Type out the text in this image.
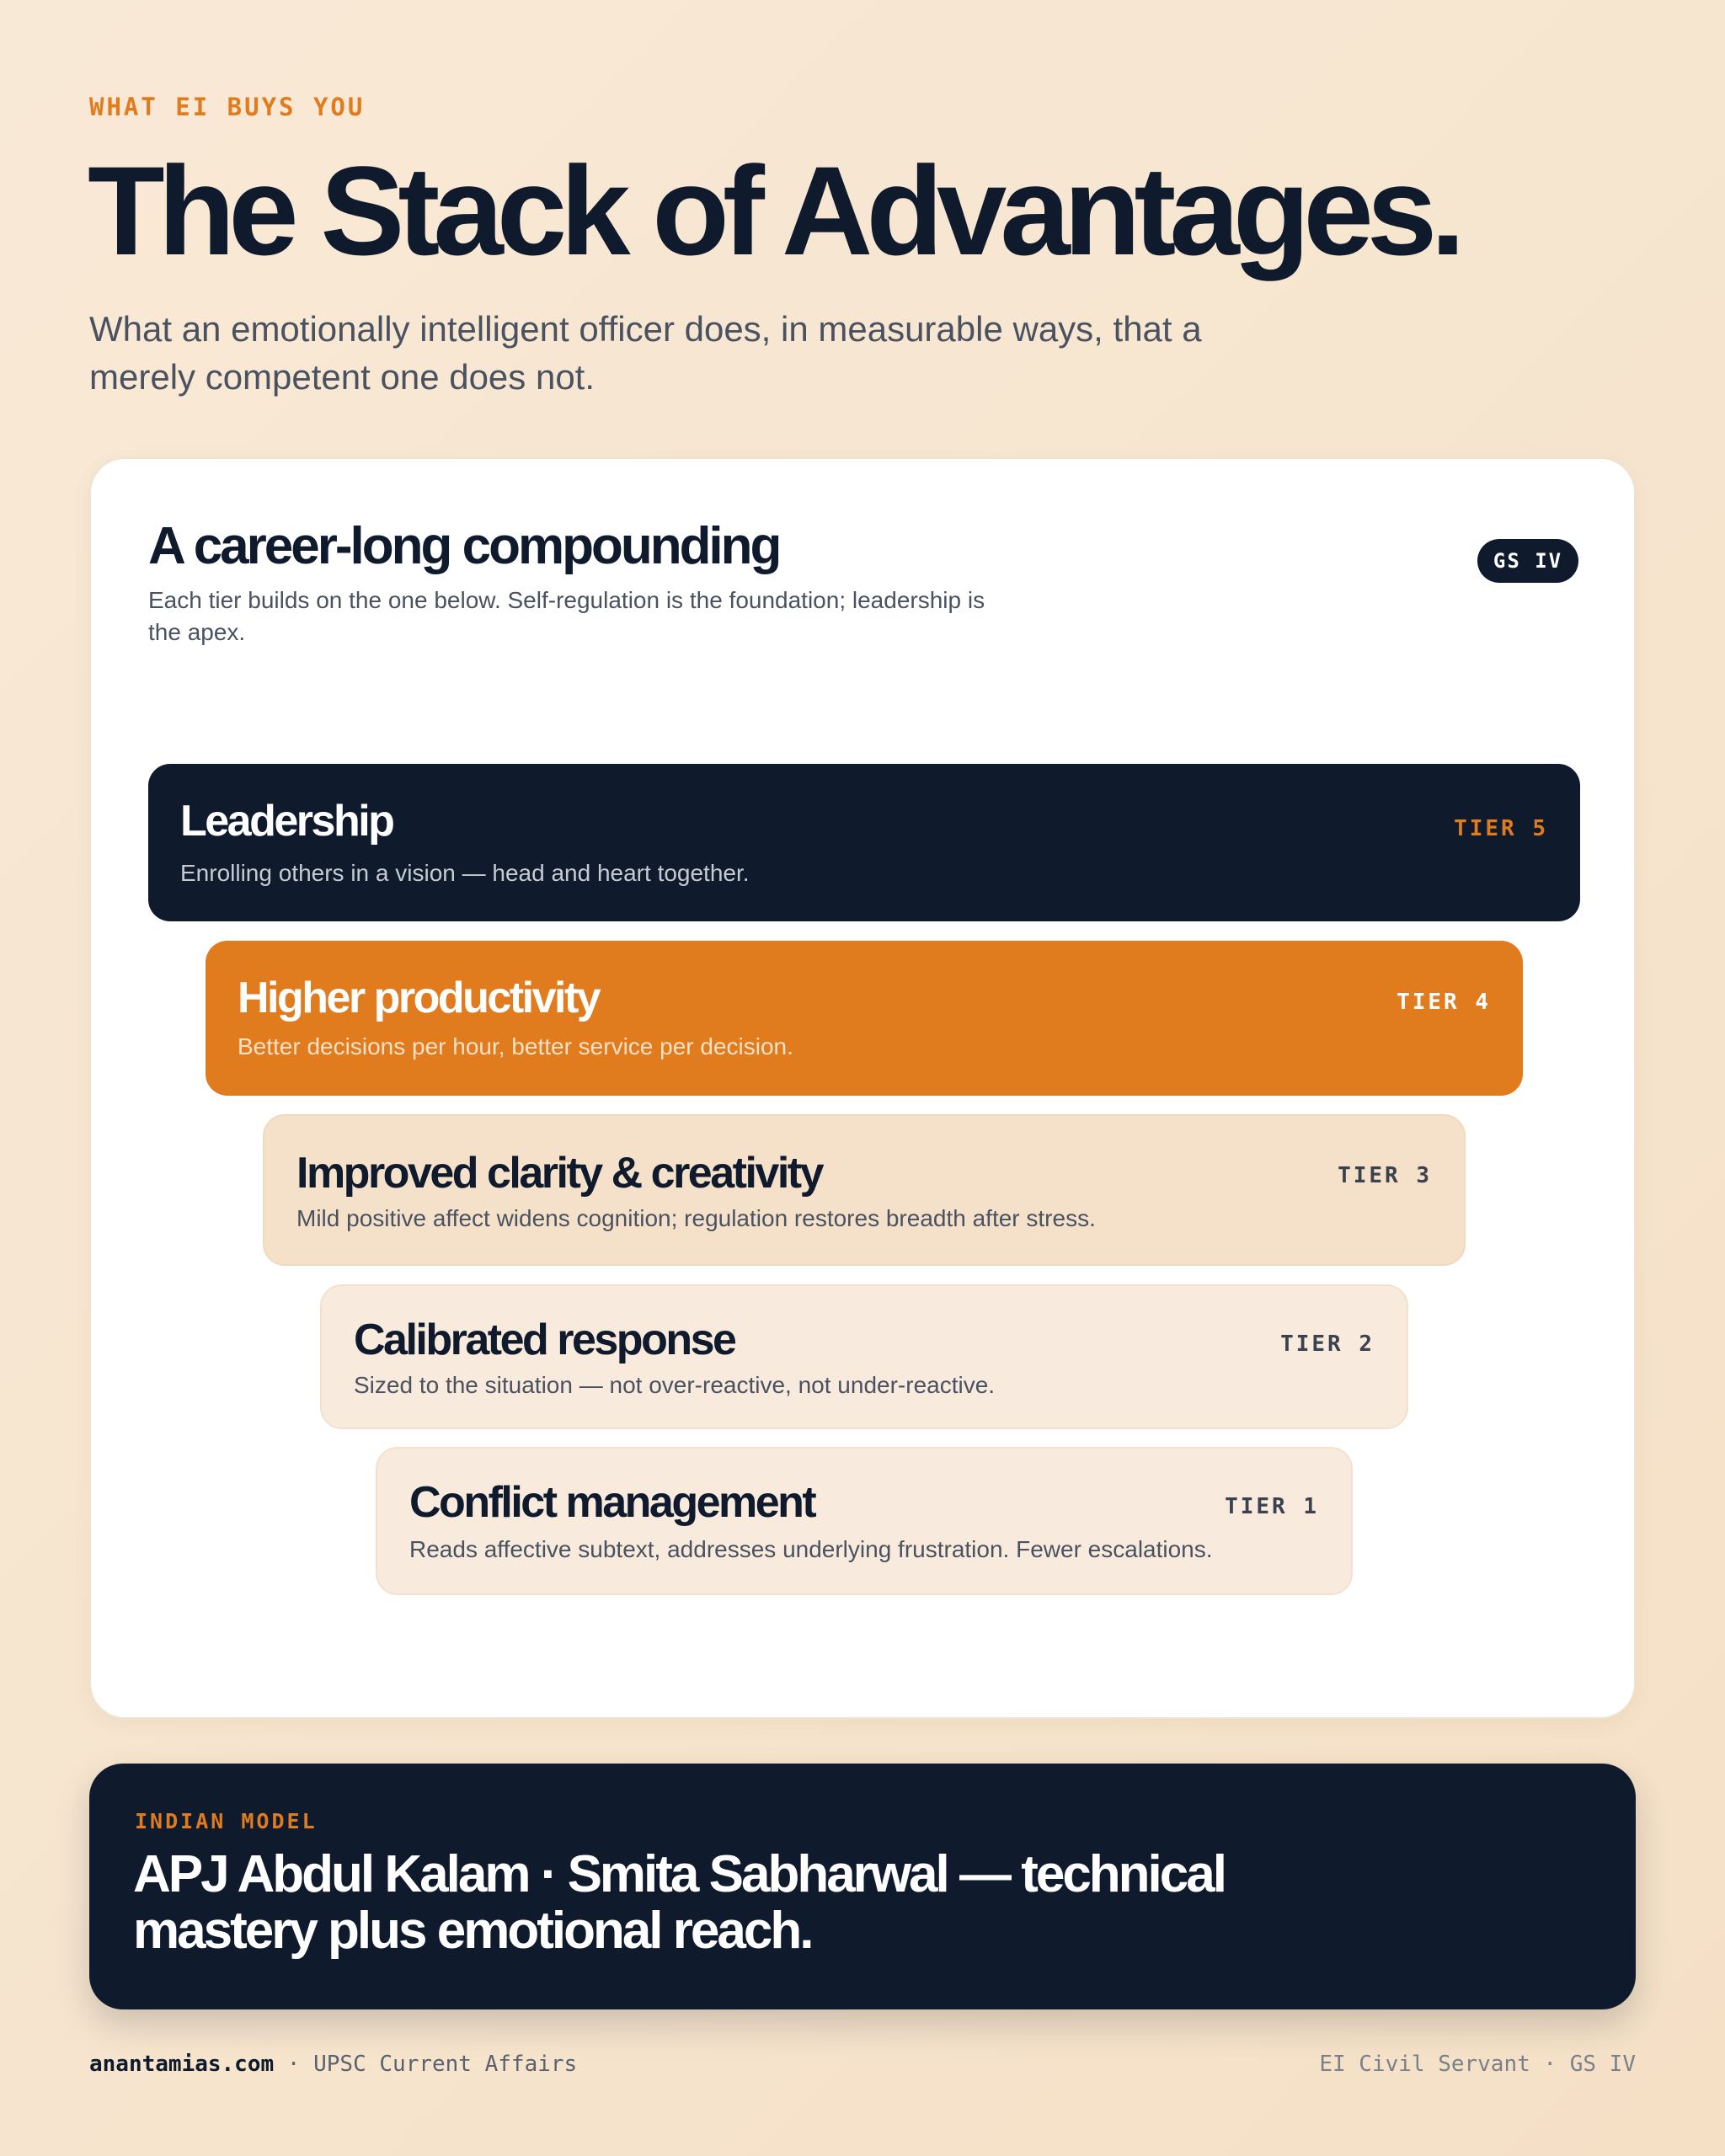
WHAT EI BUYS YOU
The Stack of Advantages.

What an emotionally intelligent officer does, in measurable ways, that a merely competent one does not.

A career-long compounding

Each tier builds on the one below. Self-regulation is the foundation; leadership is the apex.

GS IV
Leadership
Enrolling others in a vision — head and heart together.
TIER 5
Higher productivity
Better decisions per hour, better service per decision.
TIER 4
Improved clarity & creativity
Mild positive affect widens cognition; regulation restores breadth after stress.
TIER 3
Calibrated response
Sized to the situation — not over-reactive, not under-reactive.
TIER 2
Conflict management
Reads affective subtext, addresses underlying frustration. Fewer escalations.
TIER 1
INDIAN MODEL
APJ Abdul Kalam · Smita Sabharwal — technical mastery plus emotional reach.
anantamias.com · UPSC Current Affairs	EI Civil Servant · GS IV
